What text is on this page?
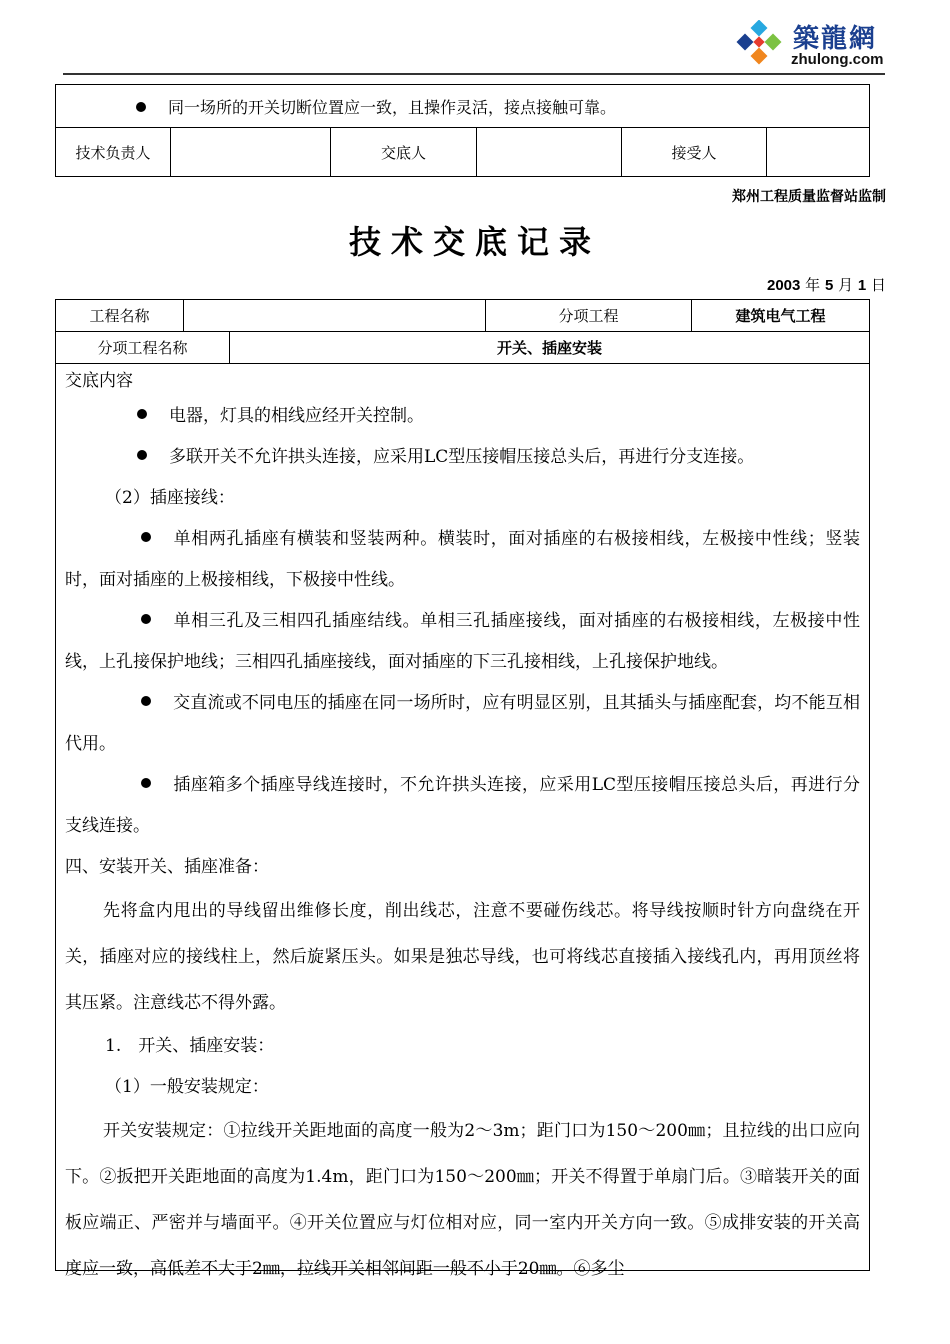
築龍網
zhulong.com
同一场所的开关切断位置应一致，且操作灵活，接点接触可靠。
技术负责人		交底人		接受人	
郑州工程质量监督站监制
技术交底记录
2003 年 5 月 1 日
工程名称		分项工程	建筑电气工程

分项工程名称	开关、插座安装

交底内容

电器，灯具的相线应经开关控制。

多联开关不允许拱头连接，应采用LC型压接帽压接总头后，再进行分支连接。

（2）插座接线：

单相两孔插座有横装和竖装两种。横装时，面对插座的右极接相线，左极接中性线；竖装时，面对插座的上极接相线，下极接中性线。

单相三孔及三相四孔插座结线。单相三孔插座接线，面对插座的右极接相线，左极接中性线，上孔接保护地线；三相四孔插座接线，面对插座的下三孔接相线，上孔接保护地线。

交直流或不同电压的插座在同一场所时，应有明显区别，且其插头与插座配套，均不能互相代用。

插座箱多个插座导线连接时，不允许拱头连接，应采用LC型压接帽压接总头后，再进行分支线连接。

四、安装开关、插座准备：

先将盒内甩出的导线留出维修长度，削出线芯，注意不要碰伤线芯。将导线按顺时针方向盘绕在开关，插座对应的接线柱上，然后旋紧压头。如果是独芯导线，也可将线芯直接插入接线孔内，再用顶丝将其压紧。注意线芯不得外露。

1.　开关、插座安装：

（1）一般安装规定：

开关安装规定：①拉线开关距地面的高度一般为2～3m；距门口为150～200㎜；且拉线的出口应向下。②扳把开关距地面的高度为1.4m，距门口为150～200㎜；开关不得置于单扇门后。③暗装开关的面板应端正、严密并与墙面平。④开关位置应与灯位相对应，同一室内开关方向一致。⑤成排安装的开关高度应一致，高低差不大于2㎜，拉线开关相邻间距一般不小于20㎜。⑥多尘
